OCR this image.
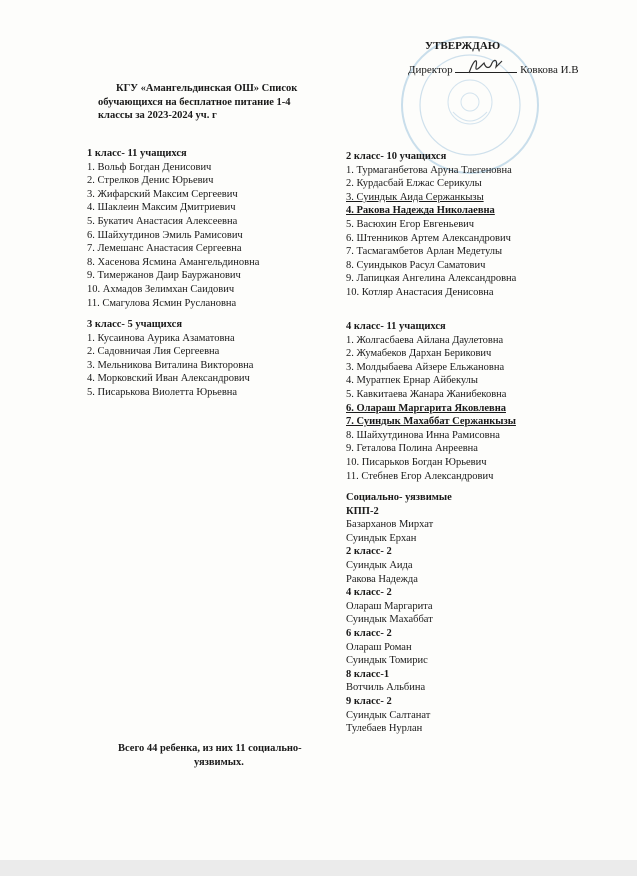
УТВЕРЖДАЮ
Директор	Ковкова И.В
КГУ «Амангельдинская ОШ» Список
обучающихся на бесплатное питание 1-4
классы за 2023-2024 уч. г
1 класс- 11 учащихся
1. Вольф Богдан Денисович
2. Стрелков Денис Юрьевич
3. Жифарский Максим Сергеевич
4. Шаклеин Максим Дмитриевич
5. Букатич Анастасия Алексеевна
6. Шайхутдинов Эмиль Рамисович
7. Лемешанс Анастасия Сергеевна
8. Хасенова Ясмина Амангельдиновна
9. Тимержанов Даир Бауржанович
10. Ахмадов Зелимхан Саидович
11. Смагулова Ясмин Руслановна
3 класс- 5 учащихся
1. Кусаинова Аурика Азаматовна
2. Садовничая Лия Сергеевна
3. Мельникова Виталина Викторовна
4. Морковский Иван Александрович
5. Писарькова Виолетта Юрьевна
2 класс- 10 учащихся
1. Турмаганбетова Аруна Тлегеновна
2. Курдасбай Елжас Серикулы
3. Суиндык Аида Сержанкызы
4. Ракова Надежда Николаевна
5. Васюхин Егор Евгеньевич
6. Штенников Артем Александрович
7. Тасмагамбетов Арлан Медетулы
8. Суиндыков Расул Саматович
9. Лапицкая Ангелина Александровна
10. Котляр Анастасия Денисовна
4 класс- 11 учащихся
1. Жолгасбаева Айлана Даулетовна
2. Жумабеков Дархан Берикович
3. Молдыбаева Айзере Ельжановна
4. Муратпек Ернар Айбекулы
5. Кавкитаева Жанара Жанибековна
6. Олараш Маргарита Яковлевна
7. Суиндык Махаббат Сержанкызы
8. Шайхутдинова Инна Рамисовна
9. Геталова Полина Анреевна
10. Писарьков Богдан Юрьевич
11. Стебнев Егор Александрович
Социально- уязвимые
КПП-2
Базарханов Мирхат
Суиндык Ерхан
2 класс- 2
Суиндык Аида
Ракова Надежда
4 класс- 2
Олараш Маргарита
Суиндык Махаббат
6 класс- 2
Олараш Роман
Суиндык Томирис
8 класс-1
Вотчиль Альбина
9 класс- 2
Суиндык Салтанат
Тулебаев Нурлан
Всего 44 ребенка, из них 11 социально-
уязвимых.
